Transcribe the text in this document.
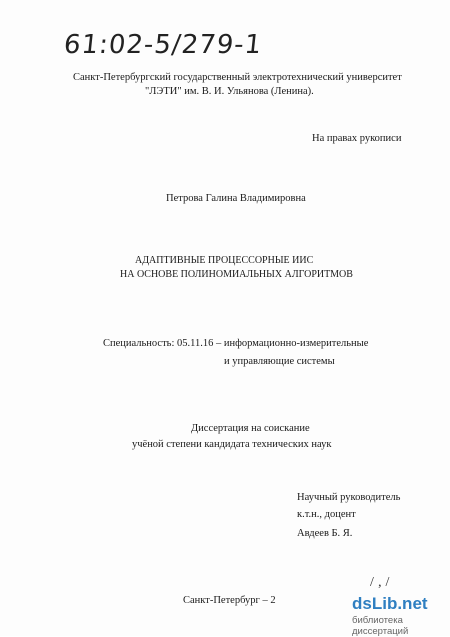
61:02-5/279-1
Санкт-Петербургский государственный электротехнический университет
"ЛЭТИ" им. В. И. Ульянова (Ленина).
На правах рукописи
Петрова Галина Владимировна
АДАПТИВНЫЕ ПРОЦЕССОРНЫЕ ИИС
НА ОСНОВЕ ПОЛИНОМИАЛЬНЫХ АЛГОРИТМОВ
Специальность: 05.11.16 – информационно-измерительные
и управляющие системы
Диссертация на соискание
учёной степени кандидата технических наук
Научный руководитель
к.т.н., доцент
Авдеев Б. Я.
Санкт-Петербург – 2
/ ‚ /
dsLib.net
библиотека диссертаций
